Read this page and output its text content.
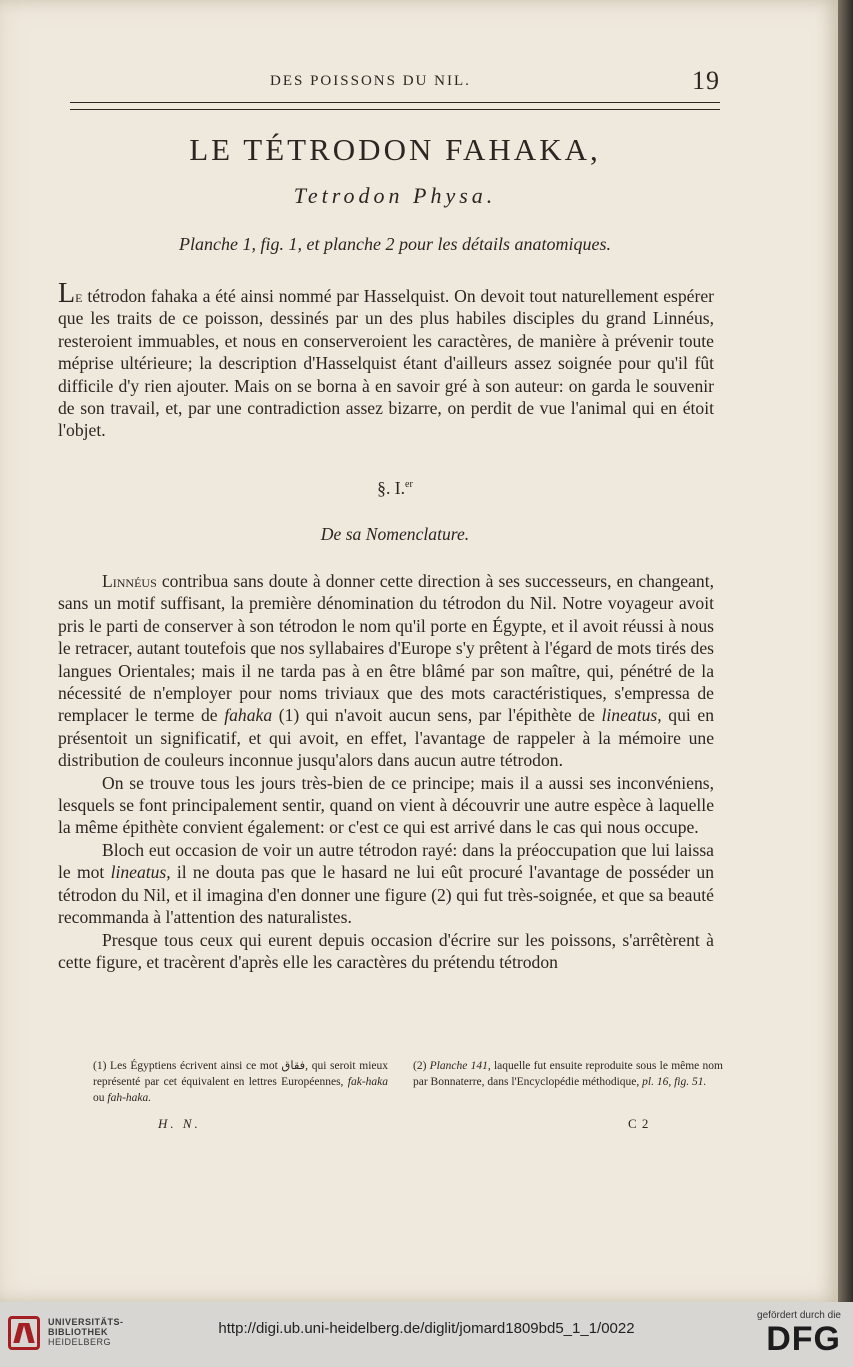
DES POISSONS DU NIL.	19
LE TÉTRODON FAHAKA,
Tetrodon Physa.
Planche 1, fig. 1, et planche 2 pour les détails anatomiques.
Le tétrodon fahaka a été ainsi nommé par Hasselquist. On devoit tout naturellement espérer que les traits de ce poisson, dessinés par un des plus habiles disciples du grand Linnéus, resteroient immuables, et nous en conserveroient les caractères, de manière à prévenir toute méprise ultérieure; la description d'Hasselquist étant d'ailleurs assez soignée pour qu'il fût difficile d'y rien ajouter. Mais on se borna à en savoir gré à son auteur: on garda le souvenir de son travail, et, par une contradiction assez bizarre, on perdit de vue l'animal qui en étoit l'objet.
§. I.$^{er}$
De sa Nomenclature.

Linnéus contribua sans doute à donner cette direction à ses successeurs, en changeant, sans un motif suffisant, la première dénomination du tétrodon du Nil. Notre voyageur avoit pris le parti de conserver à son tétrodon le nom qu'il porte en Égypte, et il avoit réussi à nous le retracer, autant toutefois que nos syllabaires d'Europe s'y prêtent à l'égard de mots tirés des langues Orientales; mais il ne tarda pas à en être blâmé par son maître, qui, pénétré de la nécessité de n'employer pour noms triviaux que des mots caractéristiques, s'empressa de remplacer le terme de fahaka (1) qui n'avoit aucun sens, par l'épithète de lineatus, qui en présentoit un significatif, et qui avoit, en effet, l'avantage de rappeler à la mémoire une distribution de couleurs inconnue jusqu'alors dans aucun autre tétrodon.

On se trouve tous les jours très-bien de ce principe; mais il a aussi ses inconvéniens, lesquels se font principalement sentir, quand on vient à découvrir une autre espèce à laquelle la même épithète convient également: or c'est ce qui est arrivé dans le cas qui nous occupe.

Bloch eut occasion de voir un autre tétrodon rayé: dans la préoccupation que lui laissa le mot lineatus, il ne douta pas que le hasard ne lui eût procuré l'avantage de posséder un tétrodon du Nil, et il imagina d'en donner une figure (2) qui fut très-soignée, et que sa beauté recommanda à l'attention des naturalistes.

Presque tous ceux qui eurent depuis occasion d'écrire sur les poissons, s'arrêtèrent à cette figure, et tracèrent d'après elle les caractères du prétendu tétrodon

(1) Les Égyptiens écrivent ainsi ce mot فقاق, qui seroit mieux représenté par cet équivalent en lettres Européennes, fak-haka ou fah-haka.
(2) Planche 141, laquelle fut ensuite reproduite sous le même nom par Bonnaterre, dans l'Encyclopédie méthodique, pl. 16, fig. 51.
H. N.	C 2
UNIVERSITÄTS-
BIBLIOTHEK
HEIDELBERG
http://digi.ub.uni-heidelberg.de/diglit/jomard1809bd5_1_1/0022
gefördert durch die
DFG
